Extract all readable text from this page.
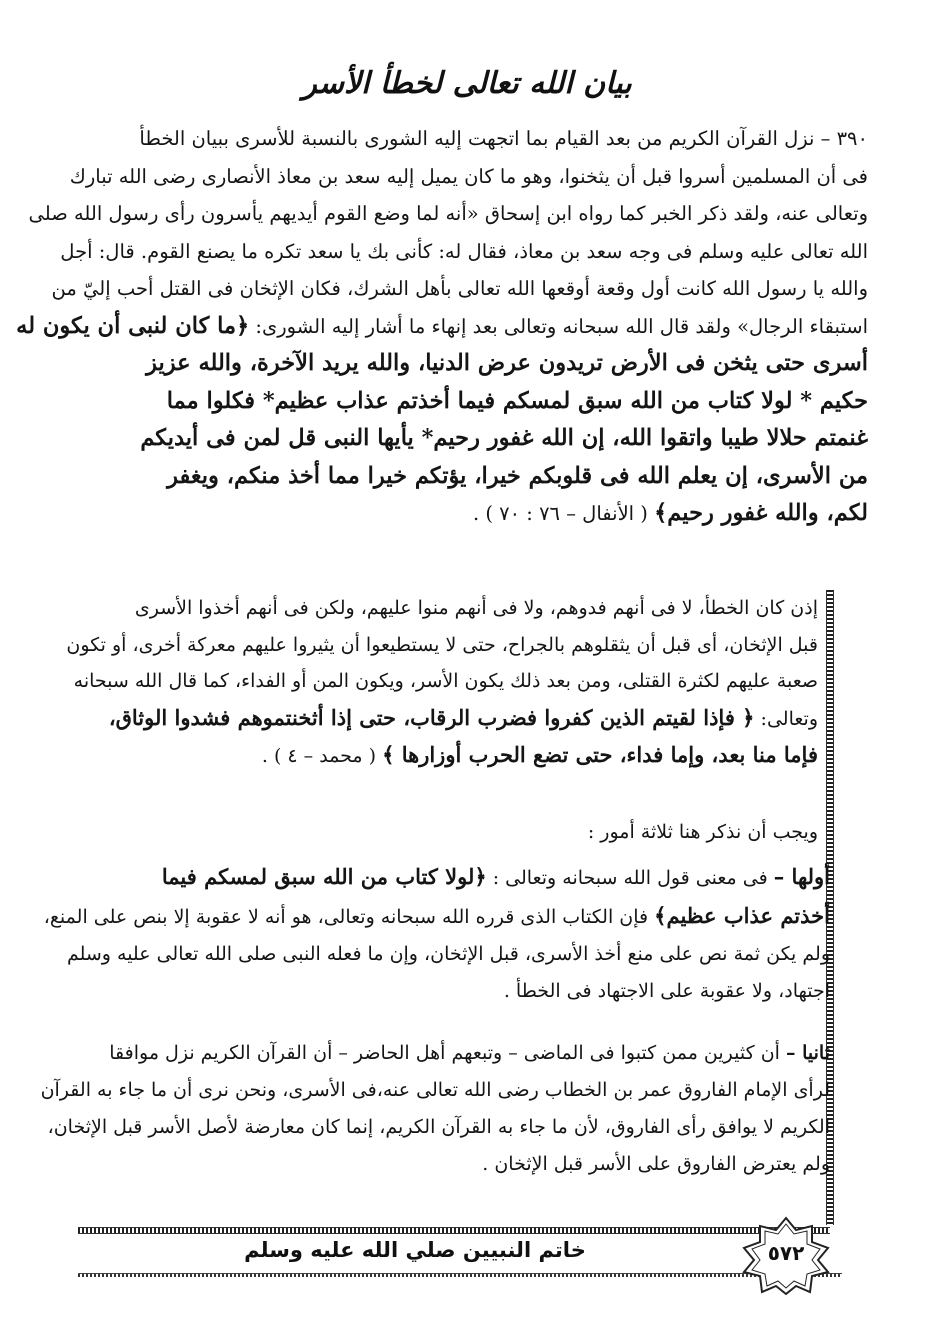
بيان الله تعالى لخطأ الأسر
٣٩٠ – نزل القرآن الكريم من بعد القيام بما اتجهت إليه الشورى بالنسبة للأسرى ببيان الخطأ
فى أن المسلمين أسروا قبل أن يثخنوا، وهو ما كان يميل إليه سعد بن معاذ الأنصارى رضى الله تبارك
وتعالى عنه، ولقد ذكر الخبر كما رواه ابن إسحاق «أنه لما وضع القوم أيديهم يأسرون رأى رسول الله صلى
الله تعالى عليه وسلم فى وجه سعد بن معاذ، فقال له: كأنى بك يا سعد تكره ما يصنع القوم. قال: أجل
والله يا رسول الله كانت أول وقعة أوقعها الله تعالى بأهل الشرك، فكان الإثخان فى القتل أحب إليّ من
استبقاء الرجال» ولقد قال الله سبحانه وتعالى بعد إنهاء ما أشار إليه الشورى: ﴿ما كان لنبى أن يكون له
أسرى حتى يثخن فى الأرض تريدون عرض الدنيا، والله يريد الآخرة، والله عزيز
حكيم * لولا كتاب من الله سبق لمسكم فيما أخذتم عذاب عظيم* فكلوا مما
غنمتم حلالا طيبا واتقوا الله، إن الله غفور رحيم* يأيها النبى قل لمن فى أيديكم
من الأسرى، إن يعلم الله فى قلوبكم خيرا، يؤتكم خيرا مما أخذ منكم، ويغفر
لكم، والله غفور رحيم﴾ ( الأنفال – ٧٦ : ٧٠ ) .
إذن كان الخطأ، لا فى أنهم فدوهم، ولا فى أنهم منوا عليهم، ولكن فى أنهم أخذوا الأسرى
قبل الإثخان، أى قبل أن يثقلوهم بالجراح، حتى لا يستطيعوا أن يثيروا عليهم معركة أخرى، أو تكون
صعبة عليهم لكثرة القتلى، ومن بعد ذلك يكون الأسر، ويكون المن أو الفداء، كما قال الله سبحانه
وتعالى: ﴿ فإذا لقيتم الذين كفروا فضرب الرقاب، حتى إذا أثخنتموهم فشدوا الوثاق،
فإما منا بعد، وإما فداء، حتى تضع الحرب أوزارها ﴾ ( محمد – ٤ ) .
ويجب أن نذكر هنا ثلاثة أمور :
أولها – فى معنى قول الله سبحانه وتعالى : ﴿لولا كتاب من الله سبق لمسكم فيما
أخذتم عذاب عظيم﴾ فإن الكتاب الذى قرره الله سبحانه وتعالى، هو أنه لا عقوبة إلا بنص على المنع،
ولم يكن ثمة نص على منع أخذ الأسرى، قبل الإثخان، وإن ما فعله النبى صلى الله تعالى عليه وسلم
اجتهاد، ولا عقوبة على الاجتهاد فى الخطأ .
ثانيا – أن كثيرين ممن كتبوا فى الماضى – وتبعهم أهل الحاضر – أن القرآن الكريم نزل موافقا
لرأى الإمام الفاروق عمر بن الخطاب رضى الله تعالى عنه،فى الأسرى، ونحن نرى أن ما جاء به القرآن
الكريم لا يوافق رأى الفاروق، لأن ما جاء به القرآن الكريم، إنما كان معارضة لأصل الأسر قبل الإثخان،
ولم يعترض الفاروق على الأسر قبل الإثخان .
خاتم النبيين صلي الله عليه وسلم	٥٧٢
